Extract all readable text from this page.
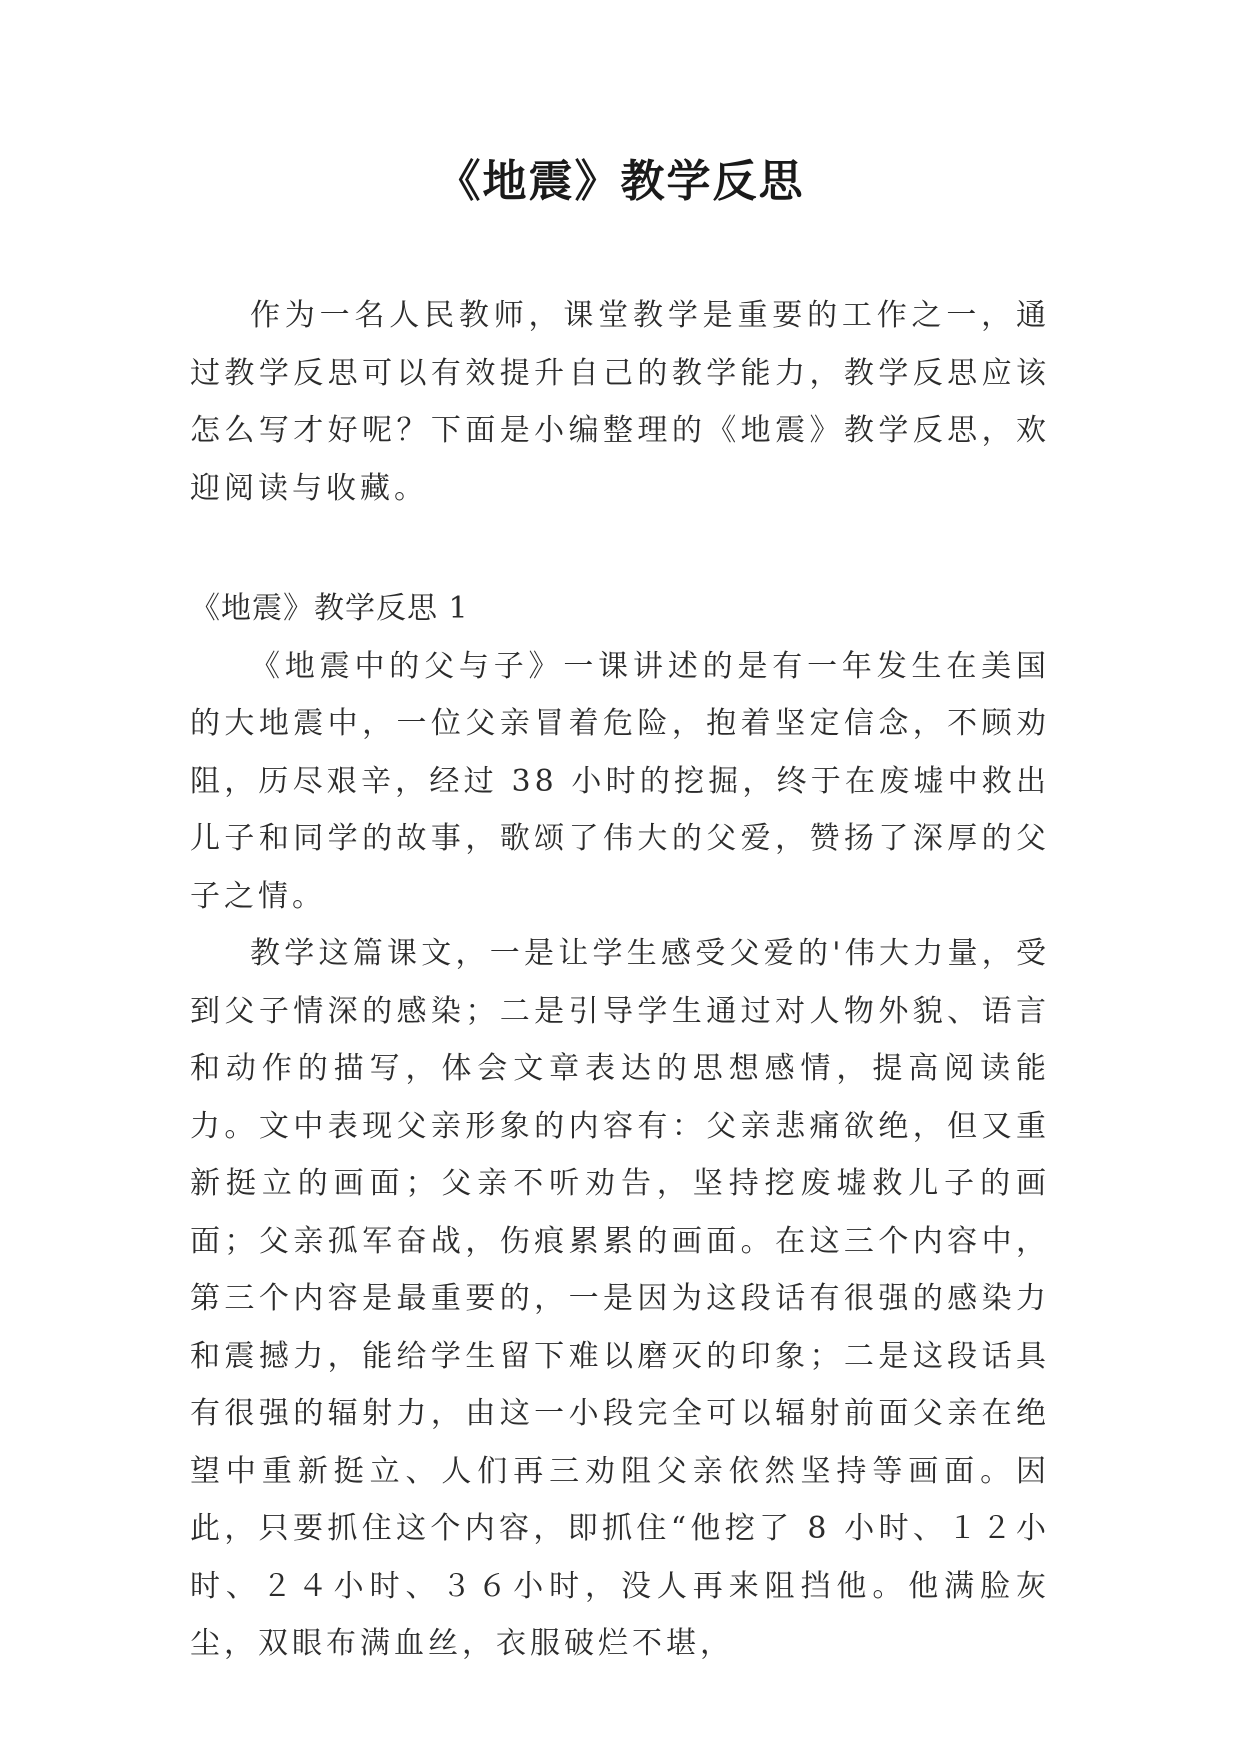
《地震》教学反思

作为一名人民教师，课堂教学是重要的工作之一，通过教学反思可以有效提升自己的教学能力，教学反思应该怎么写才好呢？下面是小编整理的《地震》教学反思，欢迎阅读与收藏。

《地震》教学反思 1

《地震中的父与子》一课讲述的是有一年发生在美国的大地震中，一位父亲冒着危险，抱着坚定信念，不顾劝阻，历尽艰辛，经过 38 小时的挖掘，终于在废墟中救出儿子和同学的故事，歌颂了伟大的父爱，赞扬了深厚的父子之情。

教学这篇课文，一是让学生感受父爱的'伟大力量，受到父子情深的感染；二是引导学生通过对人物外貌、语言和动作的描写，体会文章表达的思想感情，提高阅读能力。文中表现父亲形象的内容有：父亲悲痛欲绝，但又重新挺立的画面；父亲不听劝告，坚持挖废墟救儿子的画面；父亲孤军奋战，伤痕累累的画面。在这三个内容中，第三个内容是最重要的，一是因为这段话有很强的感染力和震撼力，能给学生留下难以磨灭的印象；二是这段话具有很强的辐射力，由这一小段完全可以辐射前面父亲在绝望中重新挺立、人们再三劝阻父亲依然坚持等画面。因此，只要抓住这个内容，即抓住“他挖了 8 小时、１２小时、２４小时、３６小时，没人再来阻挡他。他满脸灰尘，双眼布满血丝，衣服破烂不堪，
